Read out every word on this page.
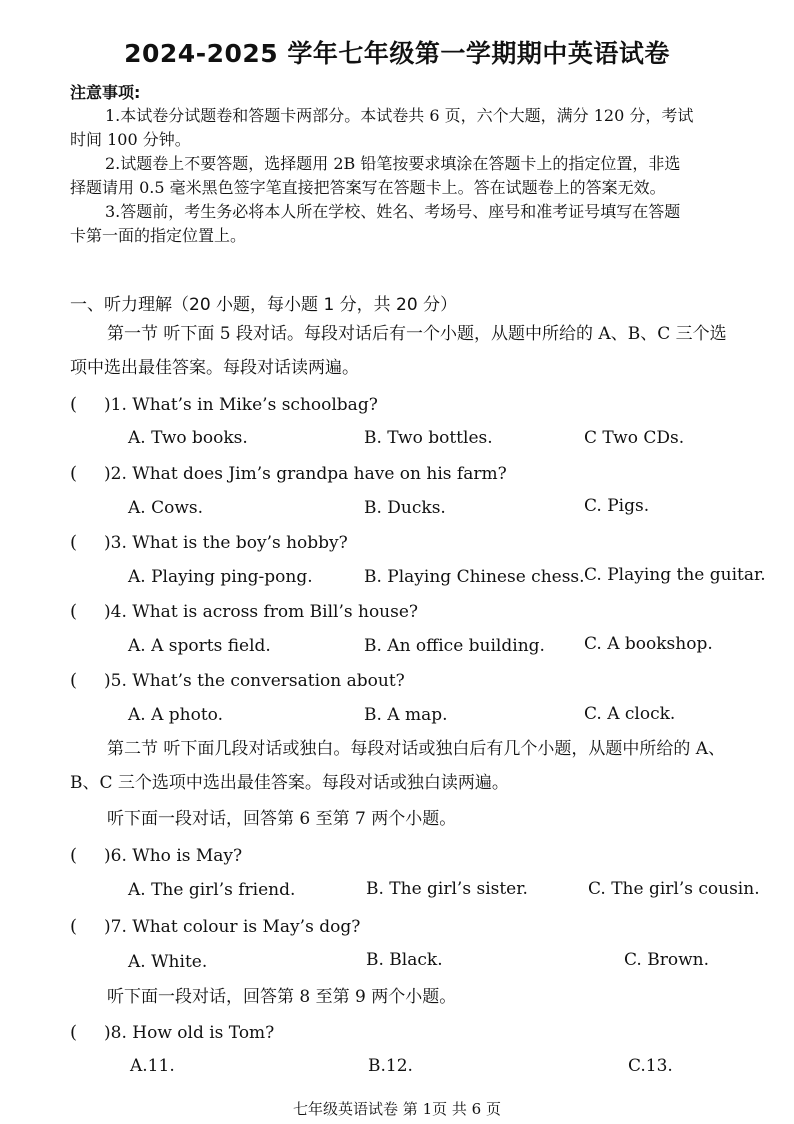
2024-2025 学年七年级第一学期期中英语试卷
注意事项:
1.本试卷分试题卷和答题卡两部分。本试卷共 6 页，六个大题，满分 120 分，考试
时间 100 分钟。
2.试题卷上不要答题，选择题用 2B 铅笔按要求填涂在答题卡上的指定位置，非选
择题请用 0.5 毫米黑色签字笔直接把答案写在答题卡上。答在试题卷上的答案无效。
3.答题前，考生务必将本人所在学校、姓名、考场号、座号和准考证号填写在答题
卡第一面的指定位置上。
一、听力理解（20 小题，每小题 1 分，共 20 分）
第一节 听下面 5 段对话。每段对话后有一个小题，从题中所给的 A、B、C 三个选
项中选出最佳答案。每段对话读两遍。
( )1. What’s in Mike’s schoolbag?
A. Two books.	B. Two bottles.	C Two CDs.
( )2. What does Jim’s grandpa have on his farm?
A. Cows.	B. Ducks.	C. Pigs.
( )3. What is the boy’s hobby?
A. Playing ping-pong.	B. Playing Chinese chess. C. Playing the guitar.
( )4. What is across from Bill’s house?
A. A sports field.	B. An office building. C. A bookshop.
( )5. What’s the conversation about?
A. A photo.	B. A map.	C. A clock.
第二节 听下面几段对话或独白。每段对话或独白后有几个小题，从题中所给的 A、
B、C 三个选项中选出最佳答案。每段对话或独白读两遍。
听下面一段对话，回答第 6 至第 7 两个小题。
( )6. Who is May?
A. The girl’s friend.	B. The girl’s sister.	C. The girl’s cousin.
( )7. What colour is May’s dog?
A. White.	B. Black.	C. Brown.
听下面一段对话，回答第 8 至第 9 两个小题。
( )8. How old is Tom?
A.11.	B.12.	C.13.
七年级英语试卷 第 1页 共 6 页
